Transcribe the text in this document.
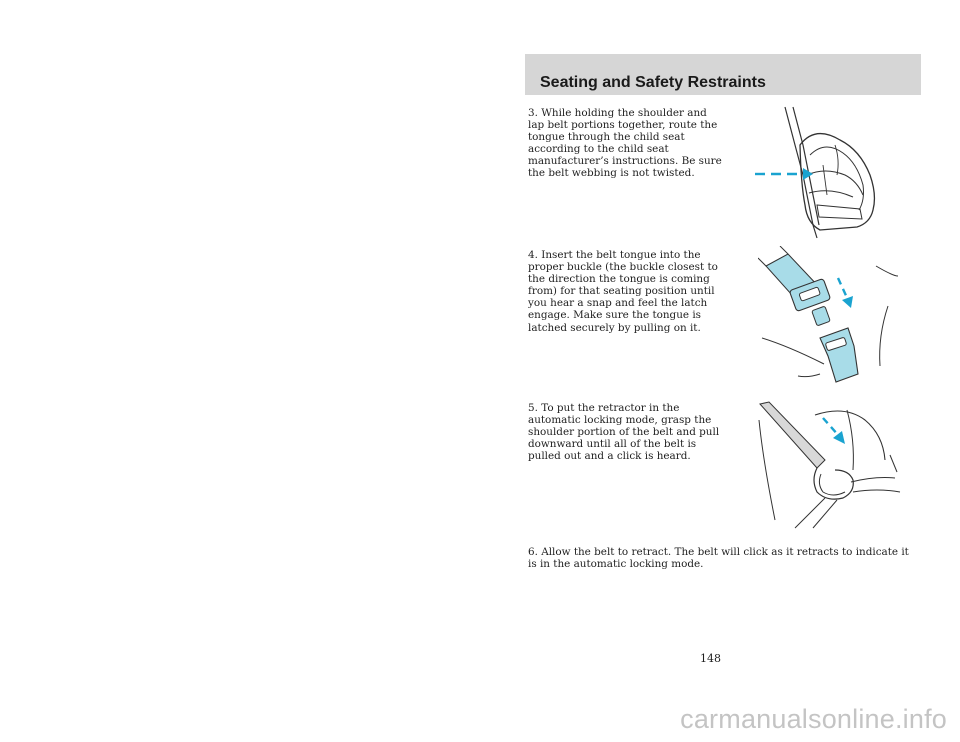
Seating and Safety Restraints
3. While holding the shoulder and
lap belt portions together, route the
tongue through the child seat
according to the child seat
manufacturer’s instructions. Be sure
the belt webbing is not twisted.
4. Insert the belt tongue into the
proper buckle (the buckle closest to
the direction the tongue is coming
from) for that seating position until
you hear a snap and feel the latch
engage. Make sure the tongue is
latched securely by pulling on it.
5. To put the retractor in the
automatic locking mode, grasp the
shoulder portion of the belt and pull
downward until all of the belt is
pulled out and a click is heard.
6. Allow the belt to retract. The belt will click as it retracts to indicate it
is in the automatic locking mode.
148
carmanualsonline.info
